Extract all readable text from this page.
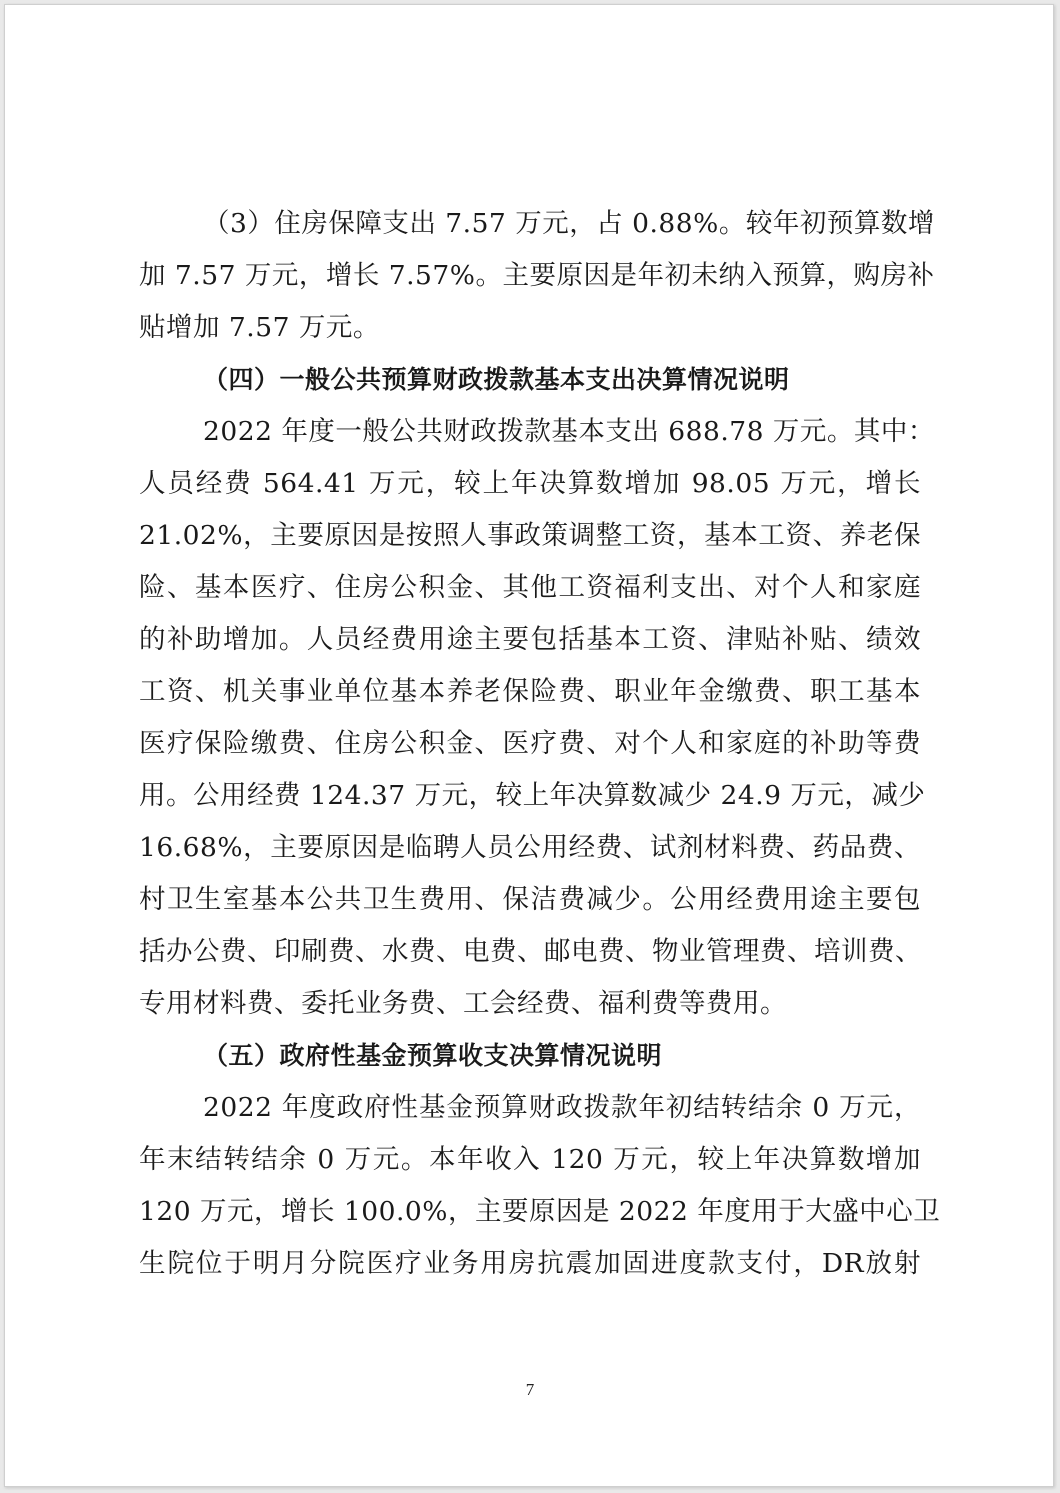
（3）住房保障支出 7.57 万元，占 0.88%。较年初预算数增
加 7.57 万元，增长 7.57%。主要原因是年初未纳入预算，购房补
贴增加 7.57 万元。
（四）一般公共预算财政拨款基本支出决算情况说明
2022 年度一般公共财政拨款基本支出 688.78 万元。其中：
人员经费 564.41 万元，较上年决算数增加 98.05 万元，增长
21.02%，主要原因是按照人事政策调整工资，基本工资、养老保
险、基本医疗、住房公积金、其他工资福利支出、对个人和家庭
的补助增加。人员经费用途主要包括基本工资、津贴补贴、绩效
工资、机关事业单位基本养老保险费、职业年金缴费、职工基本
医疗保险缴费、住房公积金、医疗费、对个人和家庭的补助等费
用。公用经费 124.37 万元，较上年决算数减少 24.9 万元，减少
16.68%，主要原因是临聘人员公用经费、试剂材料费、药品费、
村卫生室基本公共卫生费用、保洁费减少。公用经费用途主要包
括办公费、印刷费、水费、电费、邮电费、物业管理费、培训费、
专用材料费、委托业务费、工会经费、福利费等费用。
（五）政府性基金预算收支决算情况说明
2022 年度政府性基金预算财政拨款年初结转结余 0 万元，
年末结转结余 0 万元。本年收入 120 万元，较上年决算数增加
120 万元，增长 100.0%，主要原因是 2022 年度用于大盛中心卫
生院位于明月分院医疗业务用房抗震加固进度款支付，DR放射
7
